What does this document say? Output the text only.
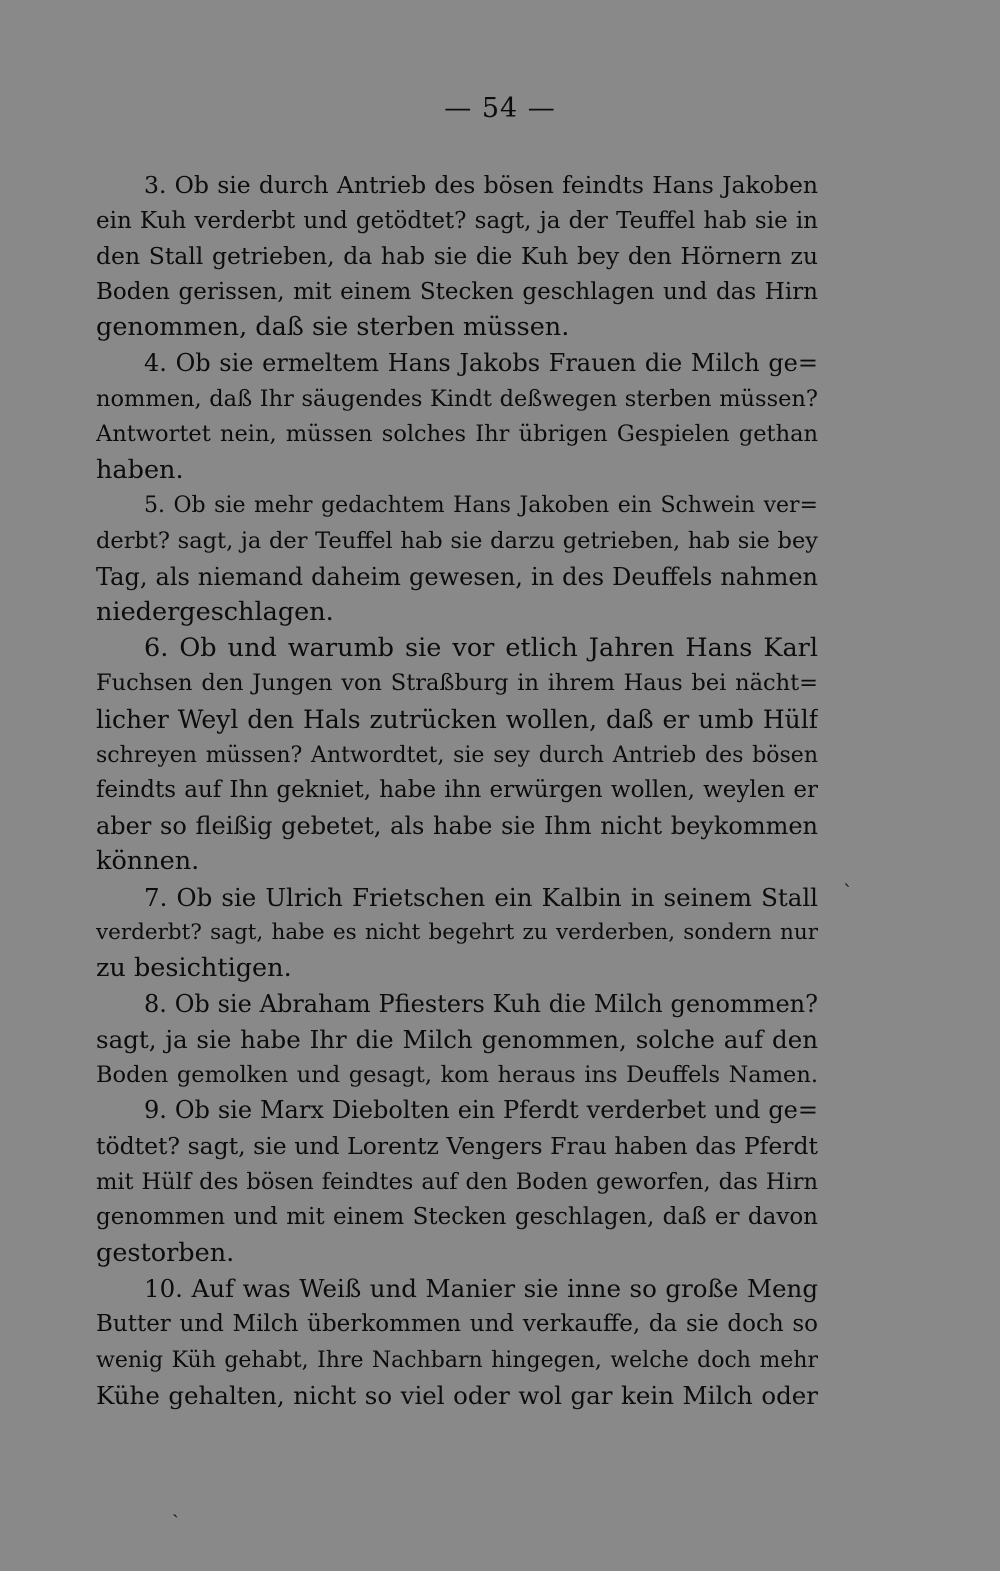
— 54 —
3. Ob sie durch Antrieb des bösen feindts Hans Jakoben
ein Kuh verderbt und getödtet? sagt, ja der Teuffel hab sie in
den Stall getrieben, da hab sie die Kuh bey den Hörnern zu
Boden gerissen, mit einem Stecken geschlagen und das Hirn
genommen, daß sie sterben müssen.
4. Ob sie ermeltem Hans Jakobs Frauen die Milch ge=
nommen, daß Ihr säugendes Kindt deßwegen sterben müssen?
Antwortet nein, müssen solches Ihr übrigen Gespielen gethan
haben.
5. Ob sie mehr gedachtem Hans Jakoben ein Schwein ver=
derbt? sagt, ja der Teuffel hab sie darzu getrieben, hab sie bey
Tag, als niemand daheim gewesen, in des Deuffels nahmen
niedergeschlagen.
6. Ob und warumb sie vor etlich Jahren Hans Karl
Fuchsen den Jungen von Straßburg in ihrem Haus bei nächt=
licher Weyl den Hals zutrücken wollen, daß er umb Hülf
schreyen müssen? Antwordtet, sie sey durch Antrieb des bösen
feindts auf Ihn gekniet, habe ihn erwürgen wollen, weylen er
aber so fleißig gebetet, als habe sie Ihm nicht beykommen
können.
7. Ob sie Ulrich Frietschen ein Kalbin in seinem Stall
verderbt? sagt, habe es nicht begehrt zu verderben, sondern nur
zu besichtigen.
8. Ob sie Abraham Pfiesters Kuh die Milch genommen?
sagt, ja sie habe Ihr die Milch genommen, solche auf den
Boden gemolken und gesagt, kom heraus ins Deuffels Namen.
9. Ob sie Marx Diebolten ein Pferdt verderbet und ge=
tödtet? sagt, sie und Lorentz Vengers Frau haben das Pferdt
mit Hülf des bösen feindtes auf den Boden geworfen, das Hirn
genommen und mit einem Stecken geschlagen, daß er davon
gestorben.
10. Auf was Weiß und Manier sie inne so große Meng
Butter und Milch überkommen und verkauffe, da sie doch so
wenig Küh gehabt, Ihre Nachbarn hingegen, welche doch mehr
Kühe gehalten, nicht so viel oder wol gar kein Milch oder
ˋ
ˏ
